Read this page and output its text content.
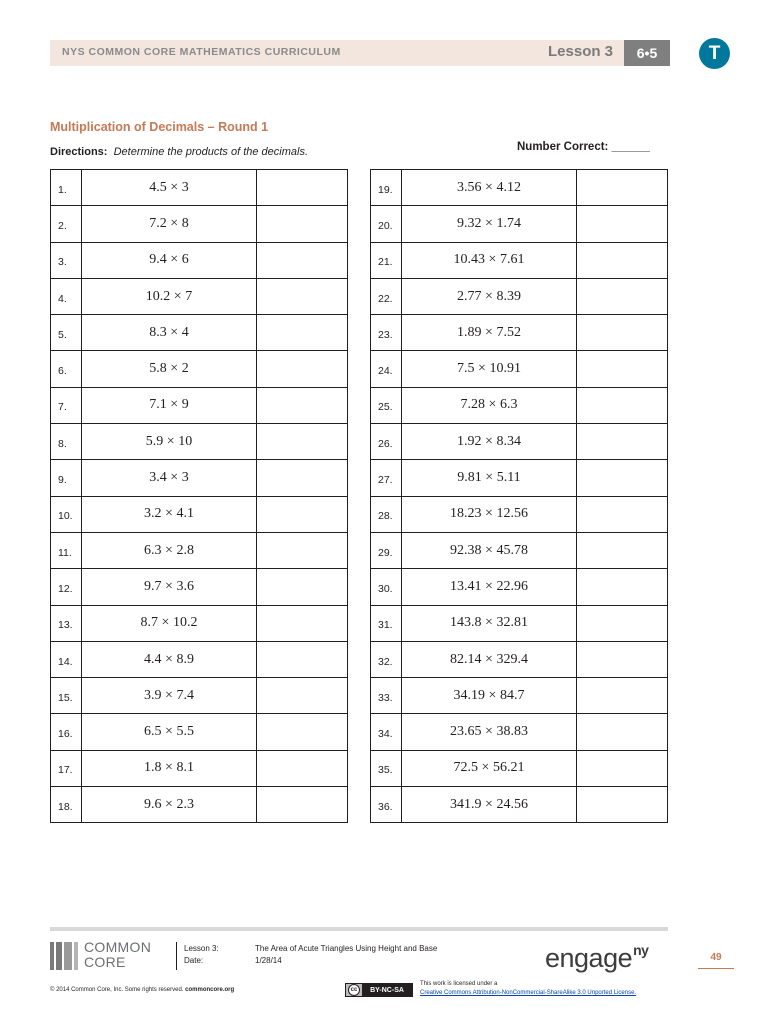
NYS COMMON CORE MATHEMATICS CURRICULUM	Lesson 3	6•5	T
Multiplication of Decimals – Round 1
Directions: Determine the products of the decimals.	Number Correct: ______
1.	4.5 × 3	
2.	7.2 × 8	
3.	9.4 × 6	
4.	10.2 × 7	
5.	8.3 × 4	
6.	5.8 × 2	
7.	7.1 × 9	
8.	5.9 × 10	
9.	3.4 × 3	
10.	3.2 × 4.1	
11.	6.3 × 2.8	
12.	9.7 × 3.6	
13.	8.7 × 10.2	
14.	4.4 × 8.9	
15.	3.9 × 7.4	
16.	6.5 × 5.5	
17.	1.8 × 8.1	
18.	9.6 × 2.3	
19.	3.56 × 4.12	
20.	9.32 × 1.74	
21.	10.43 × 7.61	
22.	2.77 × 8.39	
23.	1.89 × 7.52	
24.	7.5 × 10.91	
25.	7.28 × 6.3	
26.	1.92 × 8.34	
27.	9.81 × 5.11	
28.	18.23 × 12.56	
29.	92.38 × 45.78	
30.	13.41 × 22.96	
31.	143.8 × 32.81	
32.	82.14 × 329.4	
33.	34.19 × 84.7	
34.	23.65 × 38.83	
35.	72.5 × 56.21	
36.	341.9 × 24.56	
COMMON
CORE
Lesson 3:	The Area of Acute Triangles Using Height and Base
Date:	1/28/14	engage$^{ny}$	49
© 2014 Common Core, Inc. Some rights reserved. commoncore.org	cc	BY-NC-SA
This work is licensed under a
Creative Commons Attribution-NonCommercial-ShareAlike 3.0 Unported License.
